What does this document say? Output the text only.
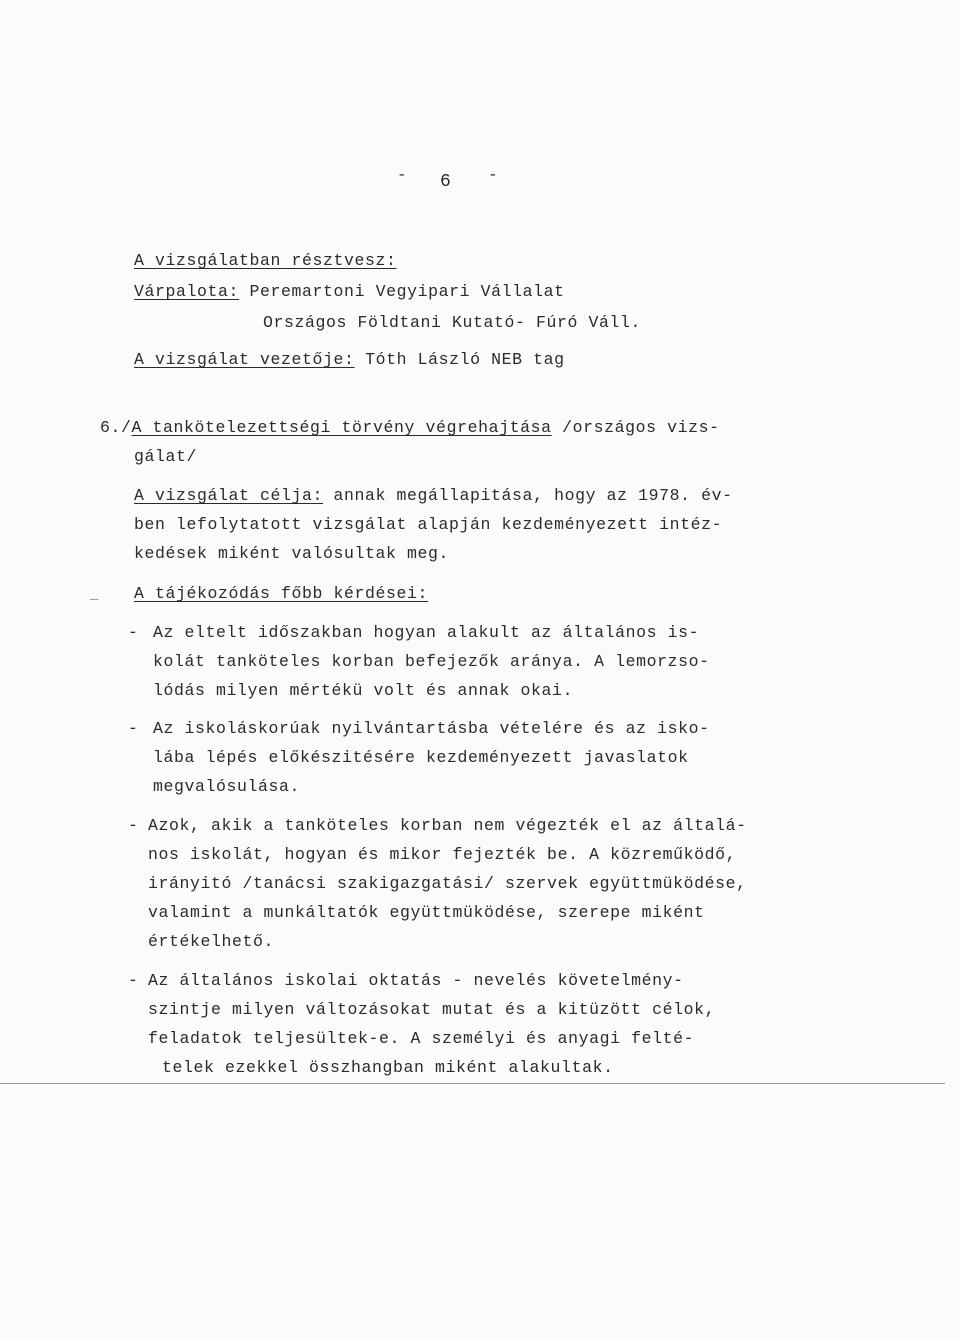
- 6 -
A vizsgálatban résztvesz:
Várpalota: Peremartoni Vegyipari Vállalat
Országos Földtani Kutató- Fúró Váll.
A vizsgálat vezetője: Tóth László NEB tag
6./A tankötelezettségi törvény végrehajtása /országos vizs-
gálat/
A vizsgálat célja: annak megállapitása, hogy az 1978. év-
ben lefolytatott vizsgálat alapján kezdeményezett intéz-
kedések miként valósultak meg.
_ A tájékozódás főbb kérdései:
- Az eltelt időszakban hogyan alakult az általános is-
kolát tanköteles korban befejezők aránya. A lemorzso-
lódás milyen mértékü volt és annak okai.
- Az iskoláskorúak nyilvántartásba vételére és az isko-
lába lépés előkészitésére kezdeményezett javaslatok
megvalósulása.
- Azok, akik a tanköteles korban nem végezték el az általá-
nos iskolát, hogyan és mikor fejezték be. A közreműködő,
irányitó /tanácsi szakigazgatási/ szervek együttmüködése,
valamint a munkáltatók együttmüködése, szerepe miként
értékelhető.
- Az általános iskolai oktatás - nevelés követelmény-
szintje milyen változásokat mutat és a kitüzött célok,
feladatok teljesültek-e. A személyi és anyagi felté-
telek ezekkel összhangban miként alakultak.
